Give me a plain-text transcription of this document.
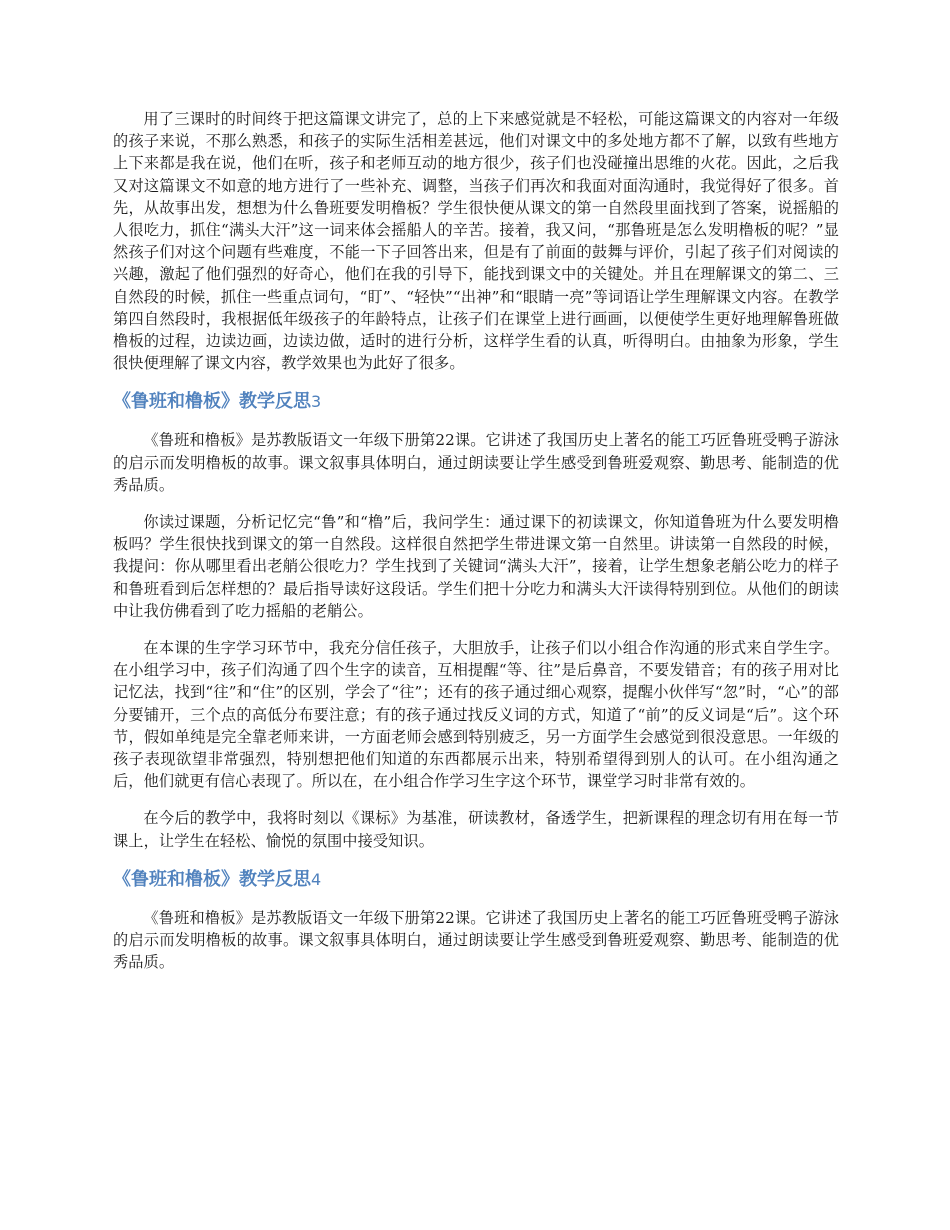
用了三课时的时间终于把这篇课文讲完了，总的上下来感觉就是不轻松，可能这篇课文的内容对一年级的孩子来说，不那么熟悉，和孩子的实际生活相差甚远，他们对课文中的多处地方都不了解，以致有些地方上下来都是我在说，他们在听，孩子和老师互动的地方很少，孩子们也没碰撞出思维的火花。因此，之后我又对这篇课文不如意的地方进行了一些补充、调整，当孩子们再次和我面对面沟通时，我觉得好了很多。首先，从故事出发，想想为什么鲁班要发明橹板？学生很快便从课文的第一自然段里面找到了答案，说摇船的人很吃力，抓住“满头大汗”这一词来体会摇船人的辛苦。接着，我又问，“那鲁班是怎么发明橹板的呢？”显然孩子们对这个问题有些难度，不能一下子回答出来，但是有了前面的鼓舞与评价，引起了孩子们对阅读的兴趣，激起了他们强烈的好奇心，他们在我的引导下，能找到课文中的关键处。并且在理解课文的第二、三自然段的时候，抓住一些重点词句，“盯”、“轻快”“出神”和“眼睛一亮”等词语让学生理解课文内容。在教学第四自然段时，我根据低年级孩子的年龄特点，让孩子们在课堂上进行画画，以便使学生更好地理解鲁班做橹板的过程，边读边画，边读边做，适时的进行分析，这样学生看的认真，听得明白。由抽象为形象，学生很快便理解了课文内容，教学效果也为此好了很多。

《鲁班和橹板》教学反思3

《鲁班和橹板》是苏教版语文一年级下册第22课。它讲述了我国历史上著名的能工巧匠鲁班受鸭子游泳的启示而发明橹板的故事。课文叙事具体明白，通过朗读要让学生感受到鲁班爱观察、勤思考、能制造的优秀品质。

你读过课题，分析记忆完“鲁”和“橹”后，我问学生：通过课下的初读课文，你知道鲁班为什么要发明橹板吗？学生很快找到课文的第一自然段。这样很自然把学生带进课文第一自然里。讲读第一自然段的时候，我提问：你从哪里看出老艄公很吃力？学生找到了关键词“满头大汗”，接着，让学生想象老艄公吃力的样子和鲁班看到后怎样想的？最后指导读好这段话。学生们把十分吃力和满头大汗读得特别到位。从他们的朗读中让我仿佛看到了吃力摇船的老艄公。

在本课的生字学习环节中，我充分信任孩子，大胆放手，让孩子们以小组合作沟通的形式来自学生字。在小组学习中，孩子们沟通了四个生字的读音，互相提醒“等、往”是后鼻音，不要发错音；有的孩子用对比记忆法，找到“往”和“住”的区别，学会了“往”；还有的孩子通过细心观察，提醒小伙伴写“忽”时，“心”的部分要铺开，三个点的高低分布要注意；有的孩子通过找反义词的方式，知道了“前”的反义词是“后”。这个环节，假如单纯是完全靠老师来讲，一方面老师会感到特别疲乏，另一方面学生会感觉到很没意思。一年级的孩子表现欲望非常强烈，特别想把他们知道的东西都展示出来，特别希望得到别人的认可。在小组沟通之后，他们就更有信心表现了。所以在，在小组合作学习生字这个环节，课堂学习时非常有效的。

在今后的教学中，我将时刻以《课标》为基准，研读教材，备透学生，把新课程的理念切有用在每一节课上，让学生在轻松、愉悦的氛围中接受知识。

《鲁班和橹板》教学反思4

《鲁班和橹板》是苏教版语文一年级下册第22课。它讲述了我国历史上著名的能工巧匠鲁班受鸭子游泳的启示而发明橹板的故事。课文叙事具体明白，通过朗读要让学生感受到鲁班爱观察、勤思考、能制造的优秀品质。
